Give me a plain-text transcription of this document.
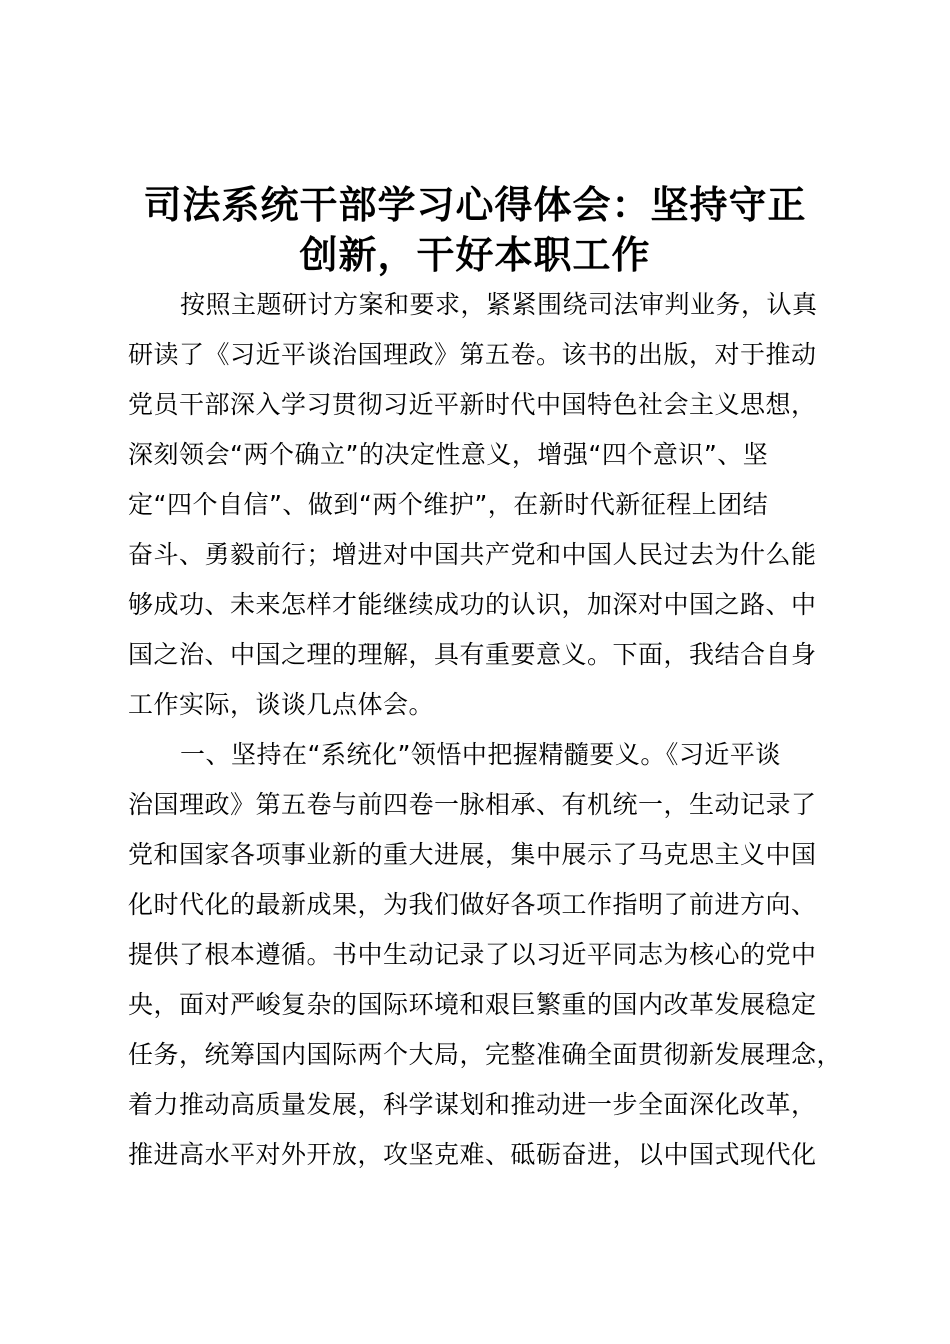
司法系统干部学习心得体会：坚持守正
创新，干好本职工作
按照主题研讨方案和要求，紧紧围绕司法审判业务，认真
研读了《习近平谈治国理政》第五卷。该书的出版，对于推动
党员干部深入学习贯彻习近平新时代中国特色社会主义思想，
深刻领会“两个确立”的决定性意义，增强“四个意识”、坚
定“四个自信”、做到“两个维护”，在新时代新征程上团结
奋斗、勇毅前行；增进对中国共产党和中国人民过去为什么能
够成功、未来怎样才能继续成功的认识，加深对中国之路、中
国之治、中国之理的理解，具有重要意义。下面，我结合自身
工作实际，谈谈几点体会。
一、坚持在“系统化”领悟中把握精髓要义。《习近平谈
治国理政》第五卷与前四卷一脉相承、有机统一，生动记录了
党和国家各项事业新的重大进展，集中展示了马克思主义中国
化时代化的最新成果，为我们做好各项工作指明了前进方向、
提供了根本遵循。书中生动记录了以习近平同志为核心的党中
央，面对严峻复杂的国际环境和艰巨繁重的国内改革发展稳定
任务，统筹国内国际两个大局，完整准确全面贯彻新发展理念，
着力推动高质量发展，科学谋划和推动进一步全面深化改革，
推进高水平对外开放，攻坚克难、砥砺奋进，以中国式现代化
